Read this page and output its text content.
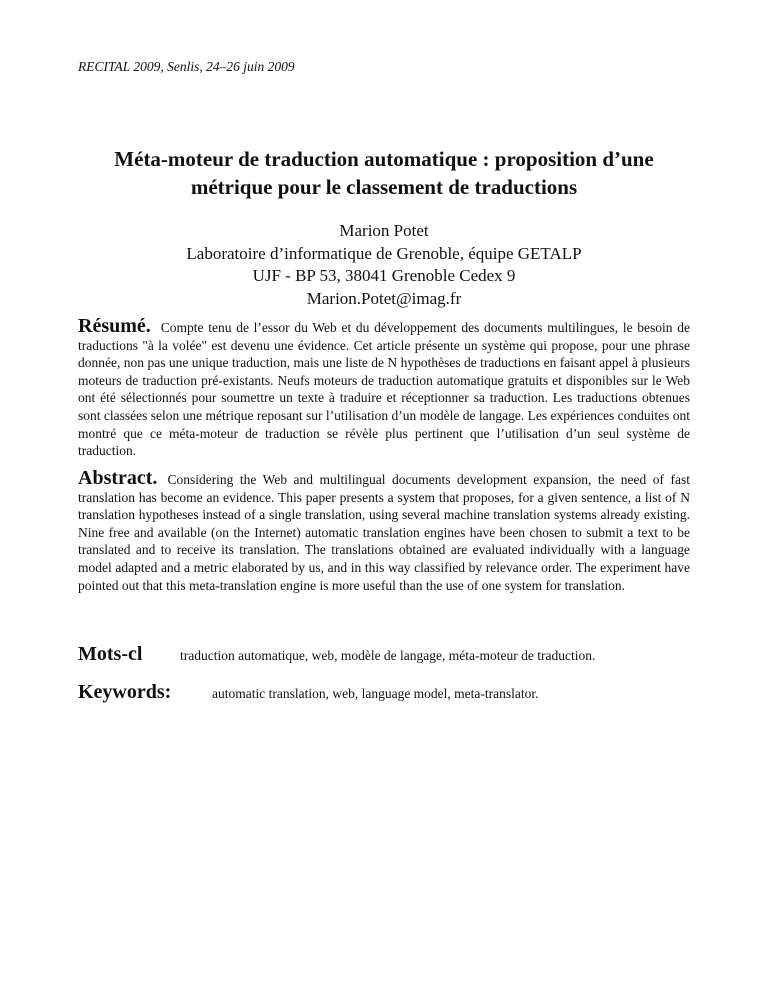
RECITAL 2009, Senlis, 24–26 juin 2009
Méta-moteur de traduction automatique : proposition d’une
métrique pour le classement de traductions
Marion Potet
Laboratoire d’informatique de Grenoble, équipe GETALP
UJF - BP 53, 38041 Grenoble Cedex 9
Marion.Potet@imag.fr
Résumé. Compte tenu de l’essor du Web et du développement des documents multilingues, le besoin de traductions "à la volée" est devenu une évidence. Cet article présente un système qui propose, pour une phrase donnée, non pas une unique traduction, mais une liste de N hypothèses de traductions en faisant appel à plusieurs moteurs de traduction pré-existants. Neufs moteurs de traduction automatique gratuits et disponibles sur le Web ont été sélectionnés pour soumettre un texte à traduire et réceptionner sa traduction. Les traductions obtenues sont classées selon une métrique reposant sur l’utilisation d’un modèle de langage. Les expériences conduites ont montré que ce méta-moteur de traduction se révèle plus pertinent que l’utilisation d’un seul système de traduction.
Abstract. Considering the Web and multilingual documents development expansion, the need of fast translation has become an evidence. This paper presents a system that proposes, for a given sentence, a list of N translation hypotheses instead of a single translation, using several machine translation systems already existing. Nine free and available (on the Internet) automatic translation engines have been chosen to submit a text to be translated and to receive its translation. The translations obtained are evaluated individually with a language model adapted and a metric elaborated by us, and in this way classified by relevance order. The experiment have pointed out that this meta-translation engine is more useful than the use of one system for translation.
Mots-cl	traduction automatique, web, modèle de langage, méta-moteur de traduction.
Keywords:	automatic translation, web, language model, meta-translator.
